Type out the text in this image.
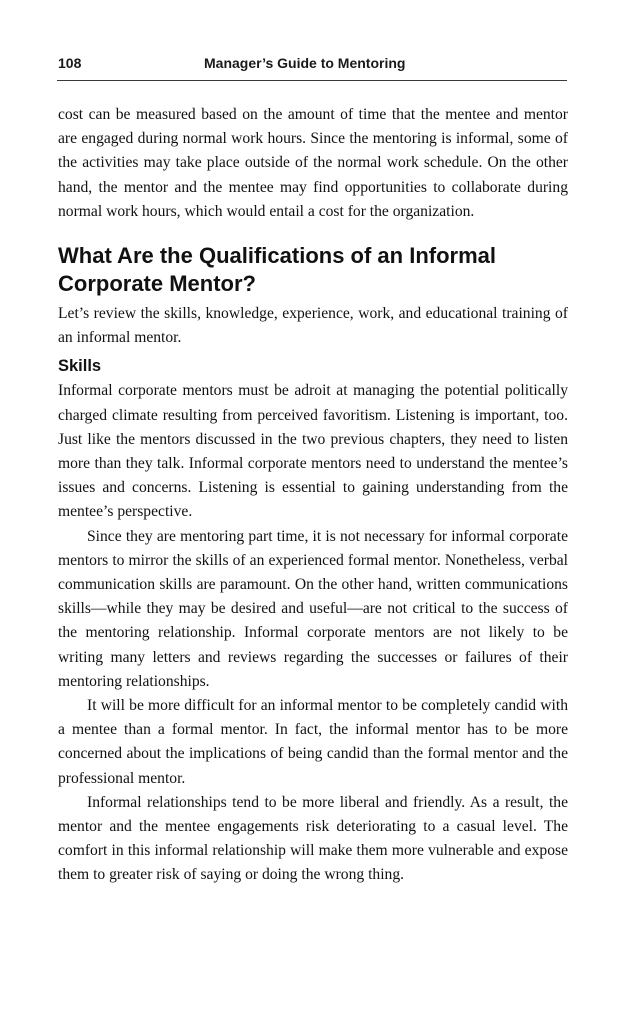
108	Manager’s Guide to Mentoring

cost can be measured based on the amount of time that the mentee and mentor are engaged during normal work hours. Since the mentoring is informal, some of the activities may take place outside of the normal work schedule. On the other hand, the mentor and the mentee may find opportunities to collaborate during normal work hours, which would entail a cost for the organization.

What Are the Qualifications of an Informal Corporate Mentor?

Let’s review the skills, knowledge, experience, work, and educational training of an informal mentor.

Skills

Informal corporate mentors must be adroit at managing the potential politically charged climate resulting from perceived favoritism. Listening is important, too. Just like the mentors discussed in the two previous chapters, they need to listen more than they talk. Informal corporate mentors need to understand the mentee’s issues and concerns. Listening is essential to gaining understanding from the mentee’s perspective.

Since they are mentoring part time, it is not necessary for informal corporate mentors to mirror the skills of an experienced formal mentor. Nonetheless, verbal communication skills are paramount. On the other hand, written communications skills—while they may be desired and useful—are not critical to the success of the mentoring relationship. Informal corporate mentors are not likely to be writing many letters and reviews regarding the successes or failures of their mentoring relationships.

It will be more difficult for an informal mentor to be completely candid with a mentee than a formal mentor. In fact, the informal mentor has to be more concerned about the implications of being candid than the formal mentor and the professional mentor.

Informal relationships tend to be more liberal and friendly. As a result, the mentor and the mentee engagements risk deteriorating to a casual level. The comfort in this informal relationship will make them more vulnerable and expose them to greater risk of saying or doing the wrong thing.
